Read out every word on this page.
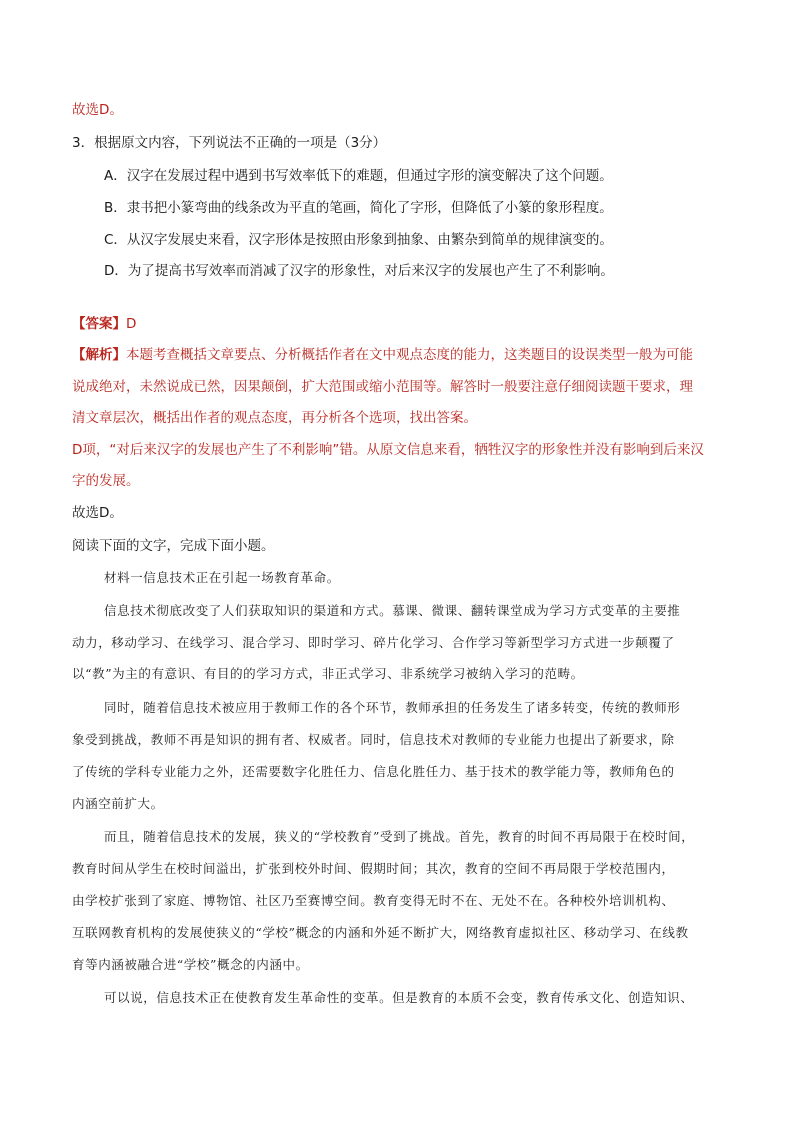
故选D。
3．根据原文内容，下列说法不正确的一项是（3分）
A．汉字在发展过程中遇到书写效率低下的难题，但通过字形的演变解决了这个问题。
B．隶书把小篆弯曲的线条改为平直的笔画，简化了字形，但降低了小篆的象形程度。
C．从汉字发展史来看，汉字形体是按照由形象到抽象、由繁杂到简单的规律演变的。
D．为了提高书写效率而消减了汉字的形象性，对后来汉字的发展也产生了不利影响。
【答案】D
【解析】本题考查概括文章要点、分析概括作者在文中观点态度的能力，这类题目的设误类型一般为可能
说成绝对，未然说成已然，因果颠倒，扩大范围或缩小范围等。解答时一般要注意仔细阅读题干要求，理
清文章层次，概括出作者的观点态度，再分析各个选项，找出答案。
D项，“对后来汉字的发展也产生了不利影响”错。从原文信息来看，牺牲汉字的形象性并没有影响到后来汉
字的发展。
故选D。
阅读下面的文字，完成下面小题。
材料一信息技术正在引起一场教育革命。
信息技术彻底改变了人们获取知识的渠道和方式。慕课、微课、翻转课堂成为学习方式变革的主要推
动力，移动学习、在线学习、混合学习、即时学习、碎片化学习、合作学习等新型学习方式进一步颠覆了
以“教”为主的有意识、有目的的学习方式，非正式学习、非系统学习被纳入学习的范畴。
同时，随着信息技术被应用于教师工作的各个环节，教师承担的任务发生了诸多转变，传统的教师形
象受到挑战，教师不再是知识的拥有者、权威者。同时，信息技术对教师的专业能力也提出了新要求，除
了传统的学科专业能力之外，还需要数字化胜任力、信息化胜任力、基于技术的教学能力等，教师角色的
内涵空前扩大。
而且，随着信息技术的发展，狭义的“学校教育”受到了挑战。首先，教育的时间不再局限于在校时间，
教育时间从学生在校时间溢出，扩张到校外时间、假期时间；其次，教育的空间不再局限于学校范围内，
由学校扩张到了家庭、博物馆、社区乃至赛博空间。教育变得无时不在、无处不在。各种校外培训机构、
互联网教育机构的发展使狭义的“学校”概念的内涵和外延不断扩大，网络教育虚拟社区、移动学习、在线教
育等内涵被融合进“学校”概念的内涵中。
可以说，信息技术正在使教育发生革命性的变革。但是教育的本质不会变，教育传承文化、创造知识、
